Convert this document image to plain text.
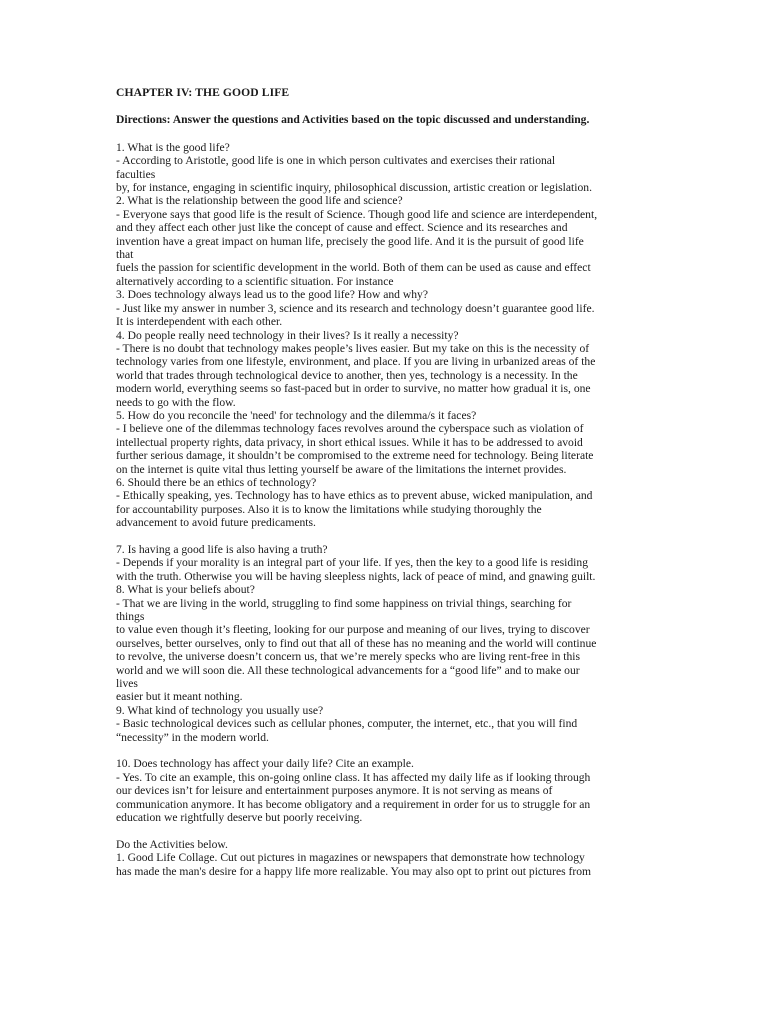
CHAPTER IV: THE GOOD LIFE
Directions: Answer the questions and Activities based on the topic discussed and understanding.
1. What is the good life?
- According to Aristotle, good life is one in which person cultivates and exercises their rational
faculties
by, for instance, engaging in scientific inquiry, philosophical discussion, artistic creation or legislation.
2. What is the relationship between the good life and science?
- Everyone says that good life is the result of Science. Though good life and science are interdependent,
and they affect each other just like the concept of cause and effect. Science and its researches and
invention have a great impact on human life, precisely the good life. And it is the pursuit of good life
that
fuels the passion for scientific development in the world. Both of them can be used as cause and effect
alternatively according to a scientific situation. For instance
3. Does technology always lead us to the good life? How and why?
- Just like my answer in number 3, science and its research and technology doesn’t guarantee good life.
It is interdependent with each other.
4. Do people really need technology in their lives? Is it really a necessity?
- There is no doubt that technology makes people’s lives easier. But my take on this is the necessity of
technology varies from one lifestyle, environment, and place. If you are living in urbanized areas of the
world that trades through technological device to another, then yes, technology is a necessity. In the
modern world, everything seems so fast-paced but in order to survive, no matter how gradual it is, one
needs to go with the flow.
5. How do you reconcile the 'need' for technology and the dilemma/s it faces?
- I believe one of the dilemmas technology faces revolves around the cyberspace such as violation of
intellectual property rights, data privacy, in short ethical issues. While it has to be addressed to avoid
further serious damage, it shouldn’t be compromised to the extreme need for technology. Being literate
on the internet is quite vital thus letting yourself be aware of the limitations the internet provides.
6. Should there be an ethics of technology?
- Ethically speaking, yes. Technology has to have ethics as to prevent abuse, wicked manipulation, and
for accountability purposes. Also it is to know the limitations while studying thoroughly the
advancement to avoid future predicaments.
7. Is having a good life is also having a truth?
- Depends if your morality is an integral part of your life. If yes, then the key to a good life is residing
with the truth. Otherwise you will be having sleepless nights, lack of peace of mind, and gnawing guilt.
8. What is your beliefs about?
- That we are living in the world, struggling to find some happiness on trivial things, searching for
things
to value even though it’s fleeting, looking for our purpose and meaning of our lives, trying to discover
ourselves, better ourselves, only to find out that all of these has no meaning and the world will continue
to revolve, the universe doesn’t concern us, that we’re merely specks who are living rent-free in this
world and we will soon die. All these technological advancements for a “good life” and to make our
lives
easier but it meant nothing.
9. What kind of technology you usually use?
- Basic technological devices such as cellular phones, computer, the internet, etc., that you will find
“necessity” in the modern world.
10. Does technology has affect your daily life? Cite an example.
- Yes. To cite an example, this on-going online class. It has affected my daily life as if looking through
our devices isn’t for leisure and entertainment purposes anymore. It is not serving as means of
communication anymore. It has become obligatory and a requirement in order for us to struggle for an
education we rightfully deserve but poorly receiving.
Do the Activities below.
1. Good Life Collage. Cut out pictures in magazines or newspapers that demonstrate how technology
has made the man's desire for a happy life more realizable. You may also opt to print out pictures from
